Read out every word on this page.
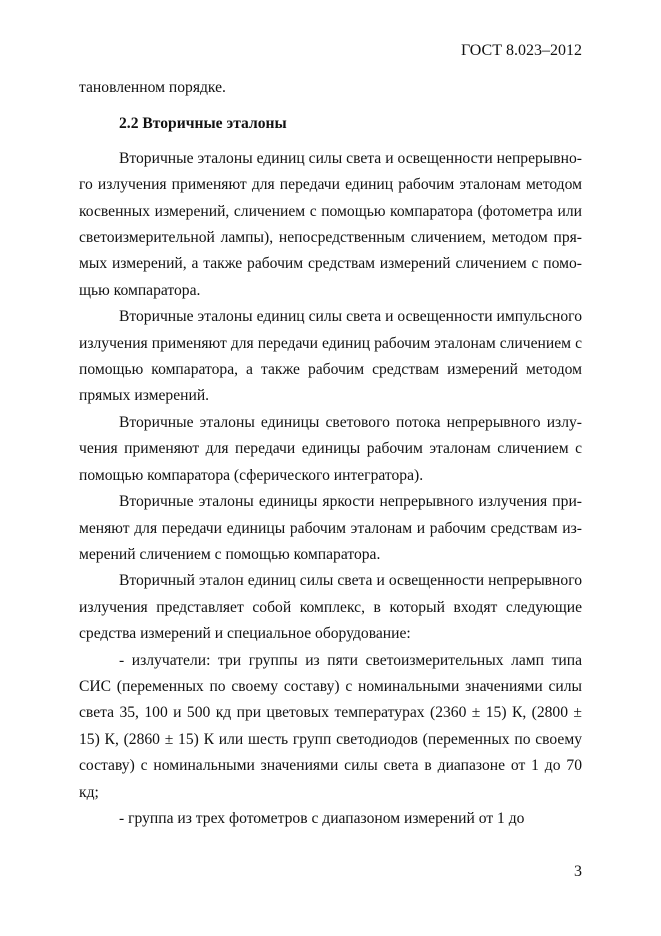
ГОСТ 8.023–2012

тановленном порядке.

2.2 Вторичные эталоны

Вторичные эталоны единиц силы света и освещенности непрерывного излучения применяют для передачи единиц рабочим эталонам методом косвенных измерений, сличением с помощью компаратора (фотометра или светоизмерительной лампы), непосредственным сличением, методом прямых измерений, а также рабочим средствам измерений сличением с помощью компаратора.

Вторичные эталоны единиц силы света и освещенности импульсного излучения применяют для передачи единиц рабочим эталонам сличением с помощью компаратора, а также рабочим средствам измерений методом прямых измерений.

Вторичные эталоны единицы светового потока непрерывного излучения применяют для передачи единицы рабочим эталонам сличением с помощью компаратора (сферического интегратора).

Вторичные эталоны единицы яркости непрерывного излучения применяют для передачи единицы рабочим эталонам и рабочим средствам измерений сличением с помощью компаратора.

Вторичный эталон единиц силы света и освещенности непрерывного излучения представляет собой комплекс, в который входят следующие средства измерений и специальное оборудование:

- излучатели: три группы из пяти светоизмерительных ламп типа СИС (переменных по своему составу) с номинальными значениями силы света 35, 100 и 500 кд при цветовых температурах (2360 ± 15) К, (2800 ± 15) К, (2860 ± 15) К или шесть групп светодиодов (переменных по своему составу) с номинальными значениями силы света в диапазоне от 1 до 70 кд;

- группа из трех фотометров с диапазоном измерений от 1 до

3
